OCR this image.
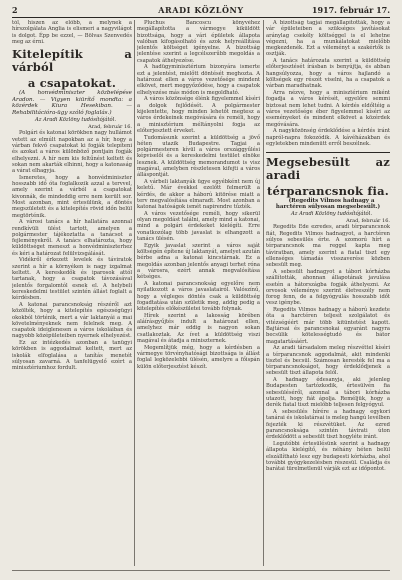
2	ARADI KÖZLÖNY	1917. február 17.

tól, hiszen az előbb, a melynek a hírszolgálata Anglia is elismeri a nagyvilágot is dolgot. Épp be ezzel, — Bölvas Szenvedés meg az érni.

Kitelepítik a várból
a csapatokat.

(A honvédminiszter közbelépése Aradon. — Vigyen kiürítő mondta: a közérdek Kiura Hesekiban. — Rehabilitációra-ügy szóló foglalás.)

Az Aradi Közlöny tudósítójától.

Arad, február 16.

Polgári és katonai körökben nagy hullámot vetett az elmúlt napokban az a hír, hogy a várban fekvő csapatokat ki fogják telepíteni és azokat a város különböző pontjain fogják elhelyezni. A hír nem kis feltűnést keltett és sokan nem akarták elhinni, hogy a katonaság a várat elhagyja.

Ismeretes, hogy a honvédminiszter hosszabb idő óta foglalkozik azzal a tervvel, amely szerint a várból a csapatokat kivonnák, de mindeddig erre nem került sor. Most azonban, mint értesülünk, a döntés megszületett és a kitelepítés rövid időn belül megtörténik.

A városi tanács a hír hallatára azonnal rendkívüli ülést tartott, amelyen a polgármester tájékoztatta a tanácsot a fejleményekről. A tanács elhatározta, hogy küldöttséget meneszt a honvédminiszterhez és kéri a határozat felülvizsgálását.

Vidékről érkezett levelek és táviratok szerint a hír a környéken is nagy izgalmat keltett. A kereskedők és iparosok attól tartanak, hogy a csapatok távozásával jelentős forgalomtól esnek el. A helybeli kereskedelmi testület szintén állást foglalt a kérdésben.

A katonai parancsnokság részéről azt közölték, hogy a kitelepítés egészségügyi okokból történik, mert a vár laktanyái a mai követelményeknek nem felelnek meg. A csapatok ideiglenesen a város iskoláiban és nagyobb középületeiben nyernek elhelyezést.

Ez az intézkedés azonban a tanügyi körökben is aggodalmat keltett, mert az iskolák elfoglalása a tanítás menetét súlyosan zavarná. A tanfelügyelő ezért a minisztériumhoz fordult.

Pluchus Bancoscu könyvéhez megállapította a vármegye kiküldött bizottsága, hogy a vári épületek állapota valóban kifogásolható és azok helyreállítása jelentős költséget igényelne. A bizottság jelentése szerint a legcélszerűbb megoldás a csapatok áthelyezése.

A hadügyminisztérium bizonyára ismerte ezt a jelentést, mielőtt döntését meghozta. A határozat ellen a város vezetősége mindent elkövet, mert meggyőződése, hogy a csapatok elhelyezése más módon is megoldható.

A város közönsége élénk figyelemmel kíséri a dolgok fejlődését. A polgármester kijelentette, hogy minden lehetőt megtesz a város érdekeinek megóvására és reméli, hogy a minisztérium méltányolni fogja az előterjesztett érveket.

Tudomásunk szerint a küldöttség a jövő héten utazik Budapestre. Tagjai a polgármesteren kívül a város országgyűlési képviselői és a kereskedelmi testület elnöke lesznek. A küldöttség memorandumot is visz magával, amelyben részletesen kifejti a város álláspontját.

A várbeli laktanyák ügye egyébként nem új keletű. Már évekkel ezelőtt felmerült a kérdés, de akkor a háború kitörése miatt a terv megvalósítása elmaradt. Most azonban a katonai hatóságok ismét napirendre tűzték.

A város vezetősége reméli, hogy sikerül olyan megoldást találni, amely mind a katonai, mind a polgári érdekeket kielégíti. Erre vonatkozólag több javaslat is elhangzott a tanács ülésén.

Egyik javaslat szerint a város saját költségén építene új laktanyát, amelyet azután bérbe adna a katonai kincstárnak. Ez a megoldás azonban jelentős anyagi terhet róna a városra, ezért annak megvalósítása kétséges.

A katonai parancsnokság egyelőre nem nyilatkozott a város javaslatairól. Valószínű, hogy a végleges döntés csak a küldöttség fogadtatása után születik meg, addig pedig a kitelepítés előkészületei tovább folynak.

Hírek szerint a lakosság körében aláírásgyűjtés indult a határozat ellen, amelyhez már eddig is nagyon sokan csatlakoztak. Az ívet a küldöttség viszi magával és átadja a miniszternek.

Megemlítjük még, hogy a kérdésben a vármegye törvényhatósági bizottsága is állást foglal legközelebbi ülésén, amelyre a főispán külön előterjesztést készít.

A bizottság tagjai megállapították, hogy a vár épületeiben a szükséges javításokat aránylag csekély költséggel is el lehetne végezni, ha a munkálatokat mielőbb megkezdenék. Ezt a véleményt a szakértők is osztják.

A tanács határozata szerint a küldöttség előterjesztését írásban is benyújtja, és abban hangsúlyozza, hogy a város hajlandó a költségek egy részét viselni, ha a csapatok a várban maradhatnak.

Arra nézve, hogy a minisztérium miként fogadja a város kérését, egyelőre semmi biztosat nem lehet tudni. A kérdés eldőltéig a város vezetősége éber figyelemmel kíséri az eseményeket és mindent elkövet a közérdek megóvására.

A nagyközönség érdeklődése a kérdés iránt napról-napra fokozódik. A kávéházakban és egyletekben mindenütt erről beszélnek.

Megsebesült az aradi
térparancsnok fia.

(Regedits Vilmos hadnagy a harctéren súlyosan megsebesült.)

Az Aradi Közlöny tudósítójától.

Arad, február 16.

Regedits Ede ezredes, aradi térparancsnok fiát, Regedits Vilmos hadnagyot, a harctéren súlyos sebesülés érte. A szomorú hírt a térparancsnok ma reggel kapta meg táviratban, amely szerint a fiatal tiszt egy ellenséges támadás visszaverése közben sebesült meg.

A sebesült hadnagyot a tábori kórházba szállították, ahonnan állapotának javulása esetén a hátországba fogják áthelyezni. Az orvosok véleménye szerint életveszély nem forog fenn, de a felgyógyulás hosszabb időt vesz igénybe.

Regedits Vilmos hadnagy a háború kezdete óta a harctéren teljesít szolgálatot és vitézségéért már több kitüntetést kapott. Bajtársai és parancsnokai egyaránt nagyra becsülik kötelességtudó és bátor magatartásáért.

Az aradi társadalom meleg részvéttel kíséri a térparancsnok aggodalmát, akit mindenki tisztel és becsül. Számosan keresték fel ma a térparancsnokságot, hogy érdeklődjenek a sebesült tiszt állapota felől.

A hadnagy édesanyja, aki jelenleg Budapesten tartózkodik, értesülvén fia sebesüléséről, azonnal a tábori kórházba utazott, hogy fiát ápolja. Reméljük, hogy a derék fiatal tiszt mielőbb teljesen felgyógyul.

A sebesülés hírére a hadnagy egykori tanárai és iskolatársai is meleg hangú levélben fejezték ki részvétüket. Az ezred parancsnoksága szintén távirati úton érdeklődött a sebesült tiszt hogyléte iránt.

Legutóbbi értesülésünk szerint a hadnagy állapota kielégítő, és néhány héten belül elszállítható lesz egy budapesti kórházba, ahol további gyógykezelésben részesül. Családja és barátai türelmetlenül várják ezt az időpontot.
